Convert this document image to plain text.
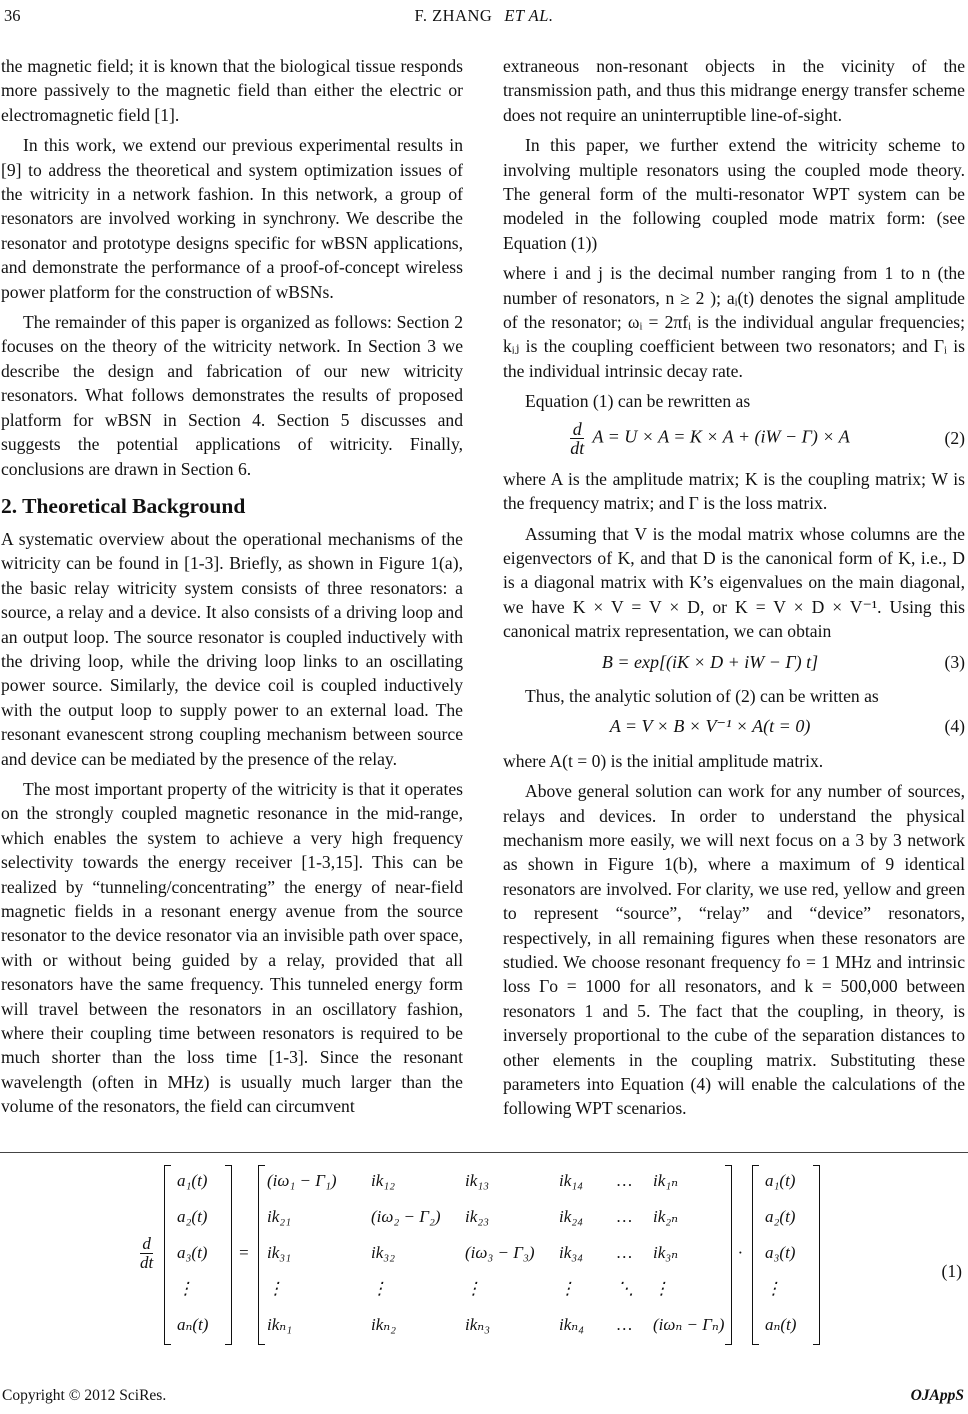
36	F. ZHANG ET AL.

the magnetic field; it is known that the biological tissue responds more passively to the magnetic field than either the electric or electromagnetic field [1].

In this work, we extend our previous experimental results in [9] to address the theoretical and system optimization issues of the witricity in a network fashion. In this network, a group of resonators are involved working in synchrony. We describe the resonator and prototype designs specific for wBSN applications, and demonstrate the performance of a proof-of-concept wireless power platform for the construction of wBSNs.

The remainder of this paper is organized as follows: Section 2 focuses on the theory of the witricity network. In Section 3 we describe the design and fabrication of our new witricity resonators. What follows demonstrates the results of proposed platform for wBSN in Section 4. Section 5 discusses and suggests the potential applications of witricity. Finally, conclusions are drawn in Section 6.

2. Theoretical Background

A systematic overview about the operational mechanisms of the witricity can be found in [1-3]. Briefly, as shown in Figure 1(a), the basic relay witricity system consists of three resonators: a source, a relay and a device. It also consists of a driving loop and an output loop. The source resonator is coupled inductively with the driving loop, while the driving loop links to an oscillating power source. Similarly, the device coil is coupled inductively with the output loop to supply power to an external load. The resonant evanescent strong coupling mechanism between source and device can be mediated by the presence of the relay.

The most important property of the witricity is that it operates on the strongly coupled magnetic resonance in the mid-range, which enables the system to achieve a very high frequency selectivity towards the energy receiver [1-3,15]. This can be realized by “tunneling/concentrating” the energy of near-field magnetic fields in a resonant energy avenue from the source resonator to the device resonator via an invisible path over space, with or without being guided by a relay, provided that all resonators have the same frequency. This tunneled energy form will travel between the resonators in an oscillatory fashion, where their coupling time between resonators is required to be much shorter than the loss time [1-3]. Since the resonant wavelength (often in MHz) is usually much larger than the volume of the resonators, the field can circumvent

extraneous non-resonant objects in the vicinity of the transmission path, and thus this midrange energy transfer scheme does not require an uninterruptible line-of-sight.

In this paper, we further extend the witricity scheme to involving multiple resonators using the coupled mode theory. The general form of the multi-resonator WPT system can be modeled in the following coupled mode matrix form: (see Equation (1))

where i and j is the decimal number ranging from 1 to n (the number of resonators, n ≥ 2 ); aᵢ(t) denotes the signal amplitude of the resonator; ωᵢ = 2πfᵢ is the individual angular frequencies; kᵢⱼ is the coupling coefficient between two resonators; and Γᵢ is the individual intrinsic decay rate.

Equation (1) can be rewritten as

$\frac{d}{dt}$ A = U × A = K × A + (iW − Γ) × A	(2)

where A is the amplitude matrix; K is the coupling matrix; W is the frequency matrix; and Γ is the loss matrix.

Assuming that V is the modal matrix whose columns are the eigenvectors of K, and that D is the canonical form of K, i.e., D is a diagonal matrix with K’s eigenvalues on the main diagonal, we have K × V = V × D, or K = V × D × V⁻¹. Using this canonical matrix representation, we can obtain

B = exp[(iK × D + iW − Γ) t]	(3)

Thus, the analytic solution of (2) can be written as

A = V × B × V⁻¹ × A(t = 0)	(4)

where A(t = 0) is the initial amplitude matrix.

Above general solution can work for any number of sources, relays and devices. In order to understand the physical mechanism more easily, we will next focus on a 3 by 3 network as shown in Figure 1(b), where a maximum of 9 identical resonators are involved. For clarity, we use red, yellow and green to represent “source”, “relay” and “device” resonators, respectively, in all remaining figures when these resonators are studied. We choose resonant frequency fo = 1 MHz and intrinsic loss Γo = 1000 for all resonators, and k = 500,000 between resonators 1 and 5. The fact that the coupling, in theory, is inversely proportional to the cube of the separation distances to other elements in the coupling matrix. Substituting these parameters into Equation (4) will enable the calculations of the following WPT scenarios.

$\frac{d}{dt}$
a₁(t)
a₂(t)
a₃(t)
⋮
aₙ(t)
=
(iω₁ − Γ₁) ik₁₂	ik₁₃	ik₁₄ … ik₁ₙ
ik₂₁	(iω₂ − Γ₂) ik₂₃	ik₂₄ … ik₂ₙ
ik₃₁	ik₃₂	(iω₃ − Γ₃) ik₃₄ … ik₃ₙ
⋮	⋮	⋮	⋮ ⋱ ⋮
ikₙ₁	ikₙ₂	ikₙ₃	ikₙ₄ … (iωₙ − Γₙ)
·
a₁(t)
a₂(t)
a₃(t)
⋮
aₙ(t)
(1)
Copyright © 2012 SciRes.	OJAppS
